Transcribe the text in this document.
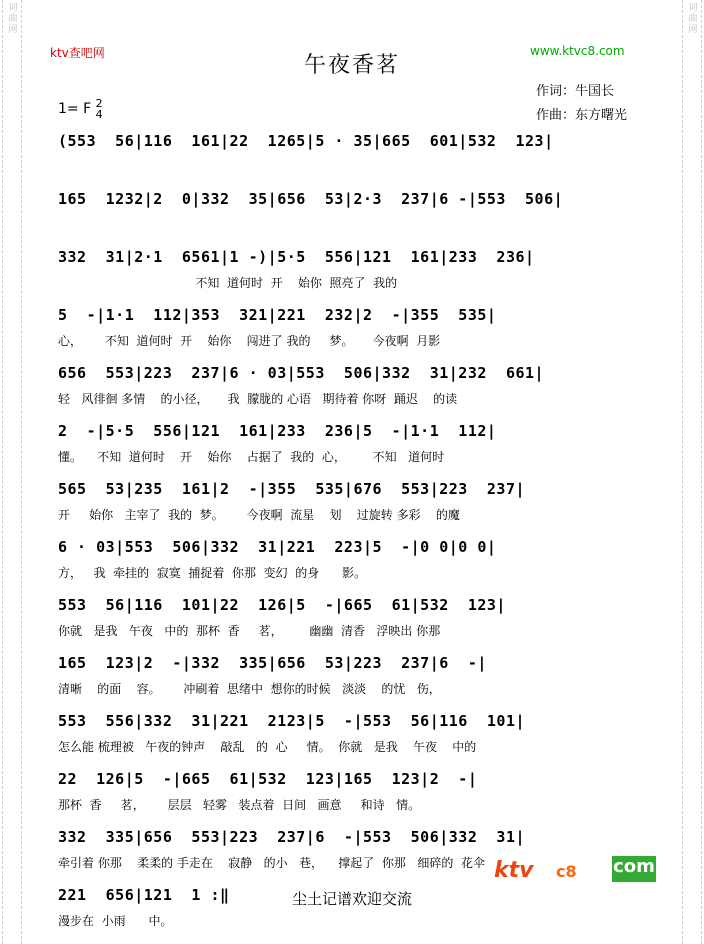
词曲网	词曲网
ktv查吧网	www.ktvc8.com
午夜香茗
作词：牛国长
作曲：东方曙光
1= F 2
4
(553  56|116  161|22  1265|5 · 35|665  601|532  123|
165  1232|2  0|332  35|656  53|2·3  237|6 -|553  506|
332  31|2·1  6561|1 -)|5·5  556|121  161|233  236|
不知  道何时  开    始你  照亮了  我的
5  -|1·1  112|353  321|221  232|2  -|355  535|
心，      不知  道何时  开    始你    闯进了 我的     梦。     今夜啊  月影
656  553|223  237|6 · 03|553  506|332  31|232  661|
轻   风徘徊 多情    的小径，     我  朦胧的 心语   期待着 你呀  踊迟    的读
2  -|5·5  556|121  161|233  236|5  -|1·1  112|
懂。    不知  道何时    开    始你    占据了  我的  心，       不知   道何时
565  53|235  161|2  -|355  535|676  553|223  237|
开     始你   主宰了  我的  梦。      今夜啊  流星    划    过旋转 多彩    的魔
6 · 03|553  506|332  31|221  223|5  -|0 0|0 0|
方，   我  牵挂的  寂寞  捕捉着  你那  变幻  的身      影。
553  56|116  101|22  126|5  -|665  61|532  123|
你就   是我   午夜   中的  那杯  香     茗，       幽幽  清香   浮映出 你那
165  123|2  -|332  335|656  53|223  237|6  -|
清晰    的面    容。      冲刷着  思绪中  想你的时候   淡淡    的忧   伤，
553  556|332  31|221  2123|5  -|553  56|116  101|
怎么能 梳理被   午夜的钟声    敲乱   的  心     情。  你就   是我    午夜    中的
22  126|5  -|665  61|532  123|165  123|2  -|
那杯  香     茗，      层层   轻雾   装点着  日间   画意     和诗   情。
332  335|656  553|223  237|6  -|553  506|332  31|
牵引着 你那    柔柔的 手走在    寂静   的小   巷，    撑起了  你那   细碎的  花伞
221  656|121  1 :‖
漫步在  小雨      中。
尘土记谱欢迎交流
ktv c8 com
